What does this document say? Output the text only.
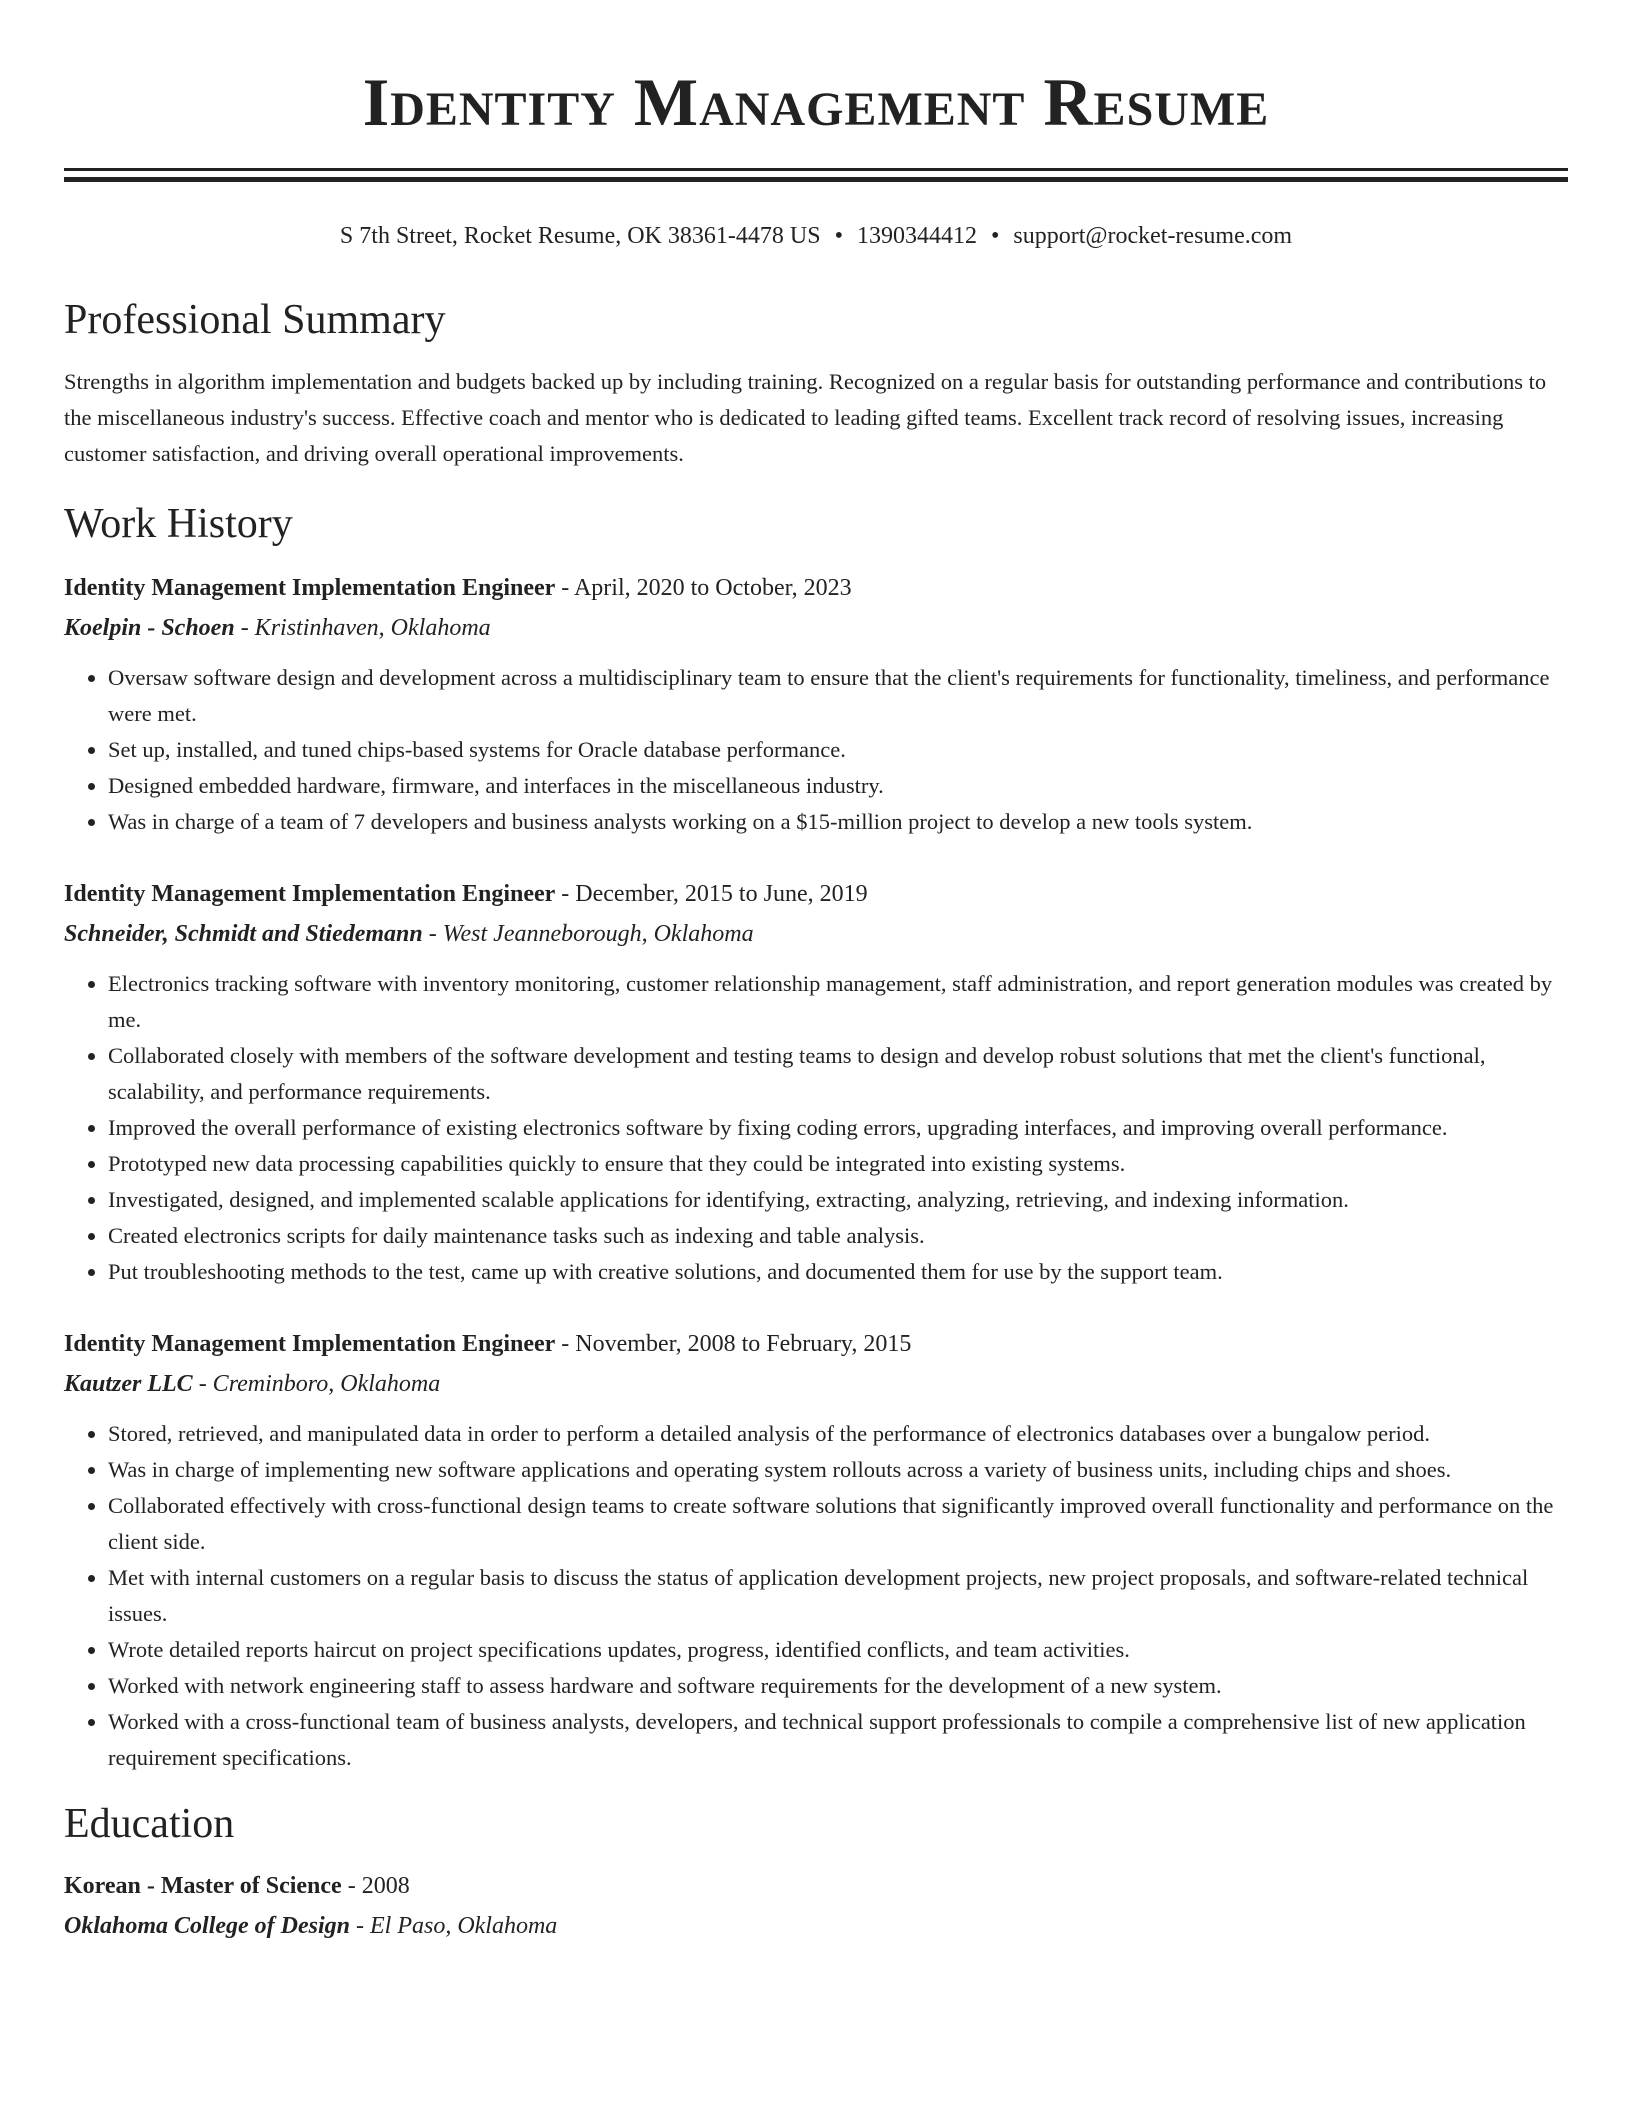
Identity Management Resume
S 7th Street, Rocket Resume, OK 38361-4478 US • 1390344412 • support@rocket-resume.com
Professional Summary

Strengths in algorithm implementation and budgets backed up by including training. Recognized on a regular basis for outstanding performance and contributions to the miscellaneous industry's success. Effective coach and mentor who is dedicated to leading gifted teams. Excellent track record of resolving issues, increasing customer satisfaction, and driving overall operational improvements.

Work History
Identity Management Implementation Engineer - April, 2020 to October, 2023
Koelpin - Schoen - Kristinhaven, Oklahoma
• Oversaw software design and development across a multidisciplinary team to ensure that the client's requirements for functionality, timeliness, and performance were met.
• Set up, installed, and tuned chips-based systems for Oracle database performance.
• Designed embedded hardware, firmware, and interfaces in the miscellaneous industry.
• Was in charge of a team of 7 developers and business analysts working on a $15-million project to develop a new tools system.
Identity Management Implementation Engineer - December, 2015 to June, 2019
Schneider, Schmidt and Stiedemann - West Jeanneborough, Oklahoma
• Electronics tracking software with inventory monitoring, customer relationship management, staff administration, and report generation modules was created by me.
• Collaborated closely with members of the software development and testing teams to design and develop robust solutions that met the client's functional, scalability, and performance requirements.
• Improved the overall performance of existing electronics software by fixing coding errors, upgrading interfaces, and improving overall performance.
• Prototyped new data processing capabilities quickly to ensure that they could be integrated into existing systems.
• Investigated, designed, and implemented scalable applications for identifying, extracting, analyzing, retrieving, and indexing information.
• Created electronics scripts for daily maintenance tasks such as indexing and table analysis.
• Put troubleshooting methods to the test, came up with creative solutions, and documented them for use by the support team.
Identity Management Implementation Engineer - November, 2008 to February, 2015
Kautzer LLC - Creminboro, Oklahoma
• Stored, retrieved, and manipulated data in order to perform a detailed analysis of the performance of electronics databases over a bungalow period.
• Was in charge of implementing new software applications and operating system rollouts across a variety of business units, including chips and shoes.
• Collaborated effectively with cross-functional design teams to create software solutions that significantly improved overall functionality and performance on the client side.
• Met with internal customers on a regular basis to discuss the status of application development projects, new project proposals, and software-related technical issues.
• Wrote detailed reports haircut on project specifications updates, progress, identified conflicts, and team activities.
• Worked with network engineering staff to assess hardware and software requirements for the development of a new system.
• Worked with a cross-functional team of business analysts, developers, and technical support professionals to compile a comprehensive list of new application requirement specifications.
Education
Korean - Master of Science - 2008
Oklahoma College of Design - El Paso, Oklahoma
